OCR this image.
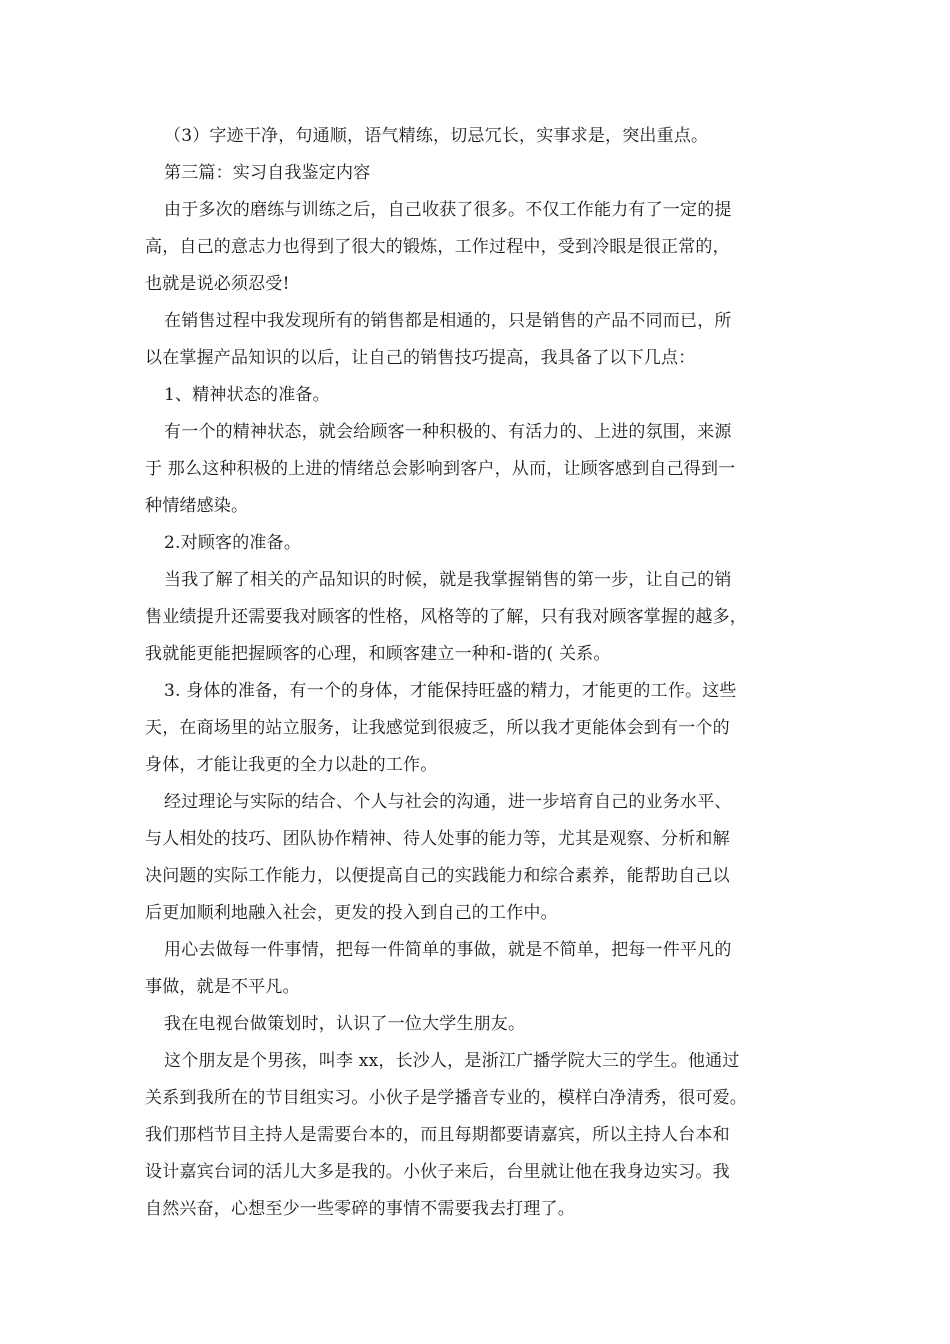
（3）字迹干净，句通顺，语气精练，切忌冗长，实事求是，突出重点。
第三篇：实习自我鉴定内容
由于多次的磨练与训练之后，自己收获了很多。不仅工作能力有了一定的提
高，自己的意志力也得到了很大的锻炼，工作过程中，受到冷眼是很正常的，
也就是说必须忍受!
在销售过程中我发现所有的销售都是相通的，只是销售的产品不同而已，所
以在掌握产品知识的以后，让自己的销售技巧提高，我具备了以下几点：
1、精神状态的准备。
有一个的精神状态，就会给顾客一种积极的、有活力的、上进的氛围，来源
于 那么这种积极的上进的情绪总会影响到客户，从而，让顾客感到自己得到一
种情绪感染。
2.对顾客的准备。
当我了解了相关的产品知识的时候，就是我掌握销售的第一步，让自己的销
售业绩提升还需要我对顾客的性格，风格等的了解，只有我对顾客掌握的越多，
我就能更能把握顾客的心理，和顾客建立一种和-谐的( 关系。
3. 身体的准备，有一个的身体，才能保持旺盛的精力，才能更的工作。这些
天，在商场里的站立服务，让我感觉到很疲乏，所以我才更能体会到有一个的
身体，才能让我更的全力以赴的工作。
经过理论与实际的结合、个人与社会的沟通，进一步培育自己的业务水平、
与人相处的技巧、团队协作精神、待人处事的能力等，尤其是观察、分析和解
决问题的实际工作能力，以便提高自己的实践能力和综合素养，能帮助自己以
后更加顺利地融入社会，更发的投入到自己的工作中。
用心去做每一件事情，把每一件简单的事做，就是不简单，把每一件平凡的
事做，就是不平凡。
我在电视台做策划时，认识了一位大学生朋友。
这个朋友是个男孩，叫李 xx，长沙人，是浙江广播学院大三的学生。他通过
关系到我所在的节目组实习。小伙子是学播音专业的，模样白净清秀，很可爱。
我们那档节目主持人是需要台本的，而且每期都要请嘉宾，所以主持人台本和
设计嘉宾台词的活儿大多是我的。小伙子来后，台里就让他在我身边实习。我
自然兴奋，心想至少一些零碎的事情不需要我去打理了。
